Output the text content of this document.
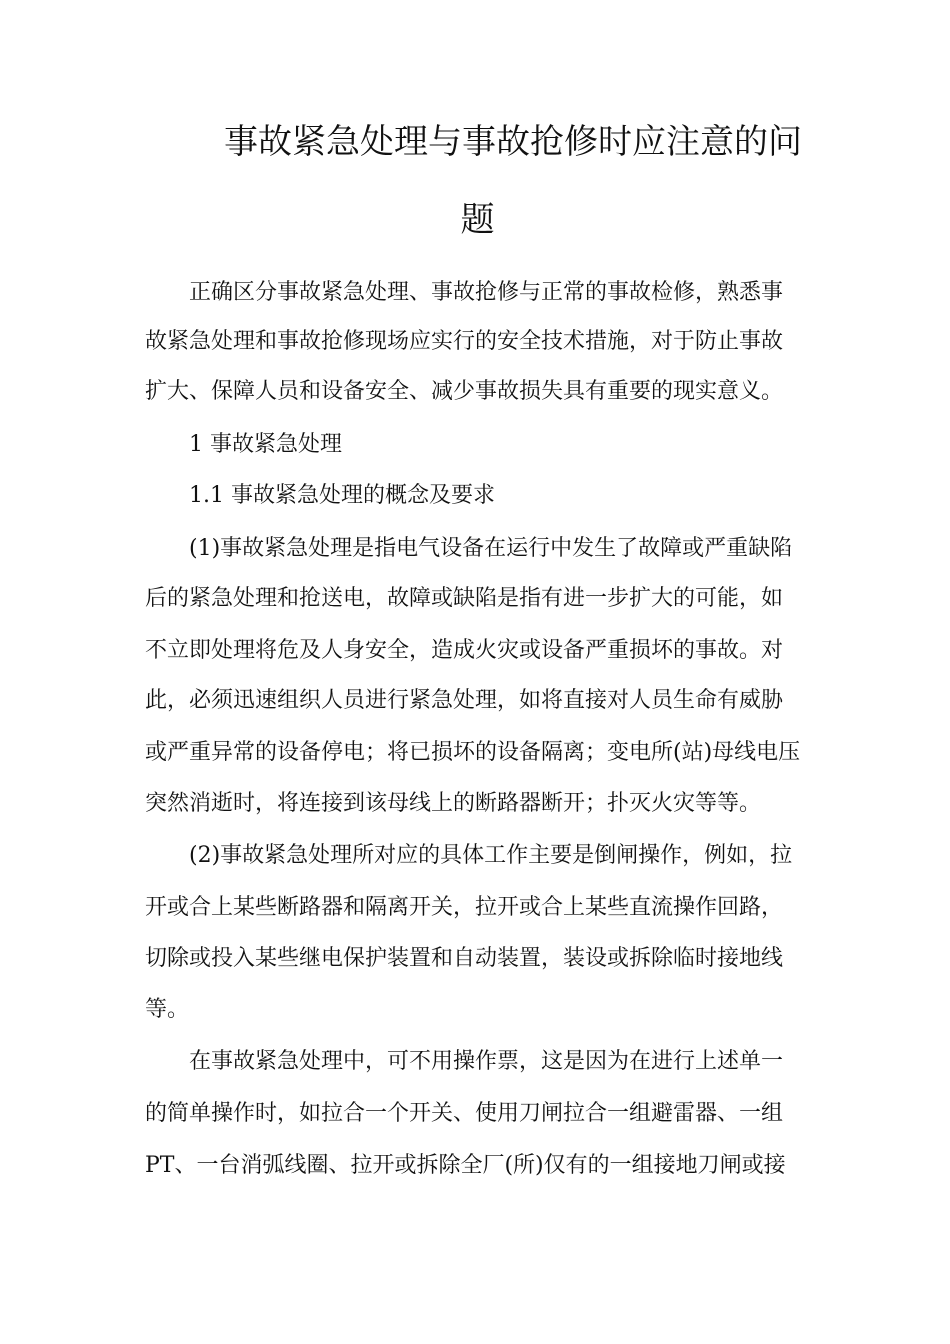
事故紧急处理与事故抢修时应注意的问
题

正确区分事故紧急处理、事故抢修与正常的事故检修，熟悉事

故紧急处理和事故抢修现场应实行的安全技术措施，对于防止事故

扩大、保障人员和设备安全、减少事故损失具有重要的现实意义。

1 事故紧急处理

1.1 事故紧急处理的概念及要求

(1)事故紧急处理是指电气设备在运行中发生了故障或严重缺陷

后的紧急处理和抢送电，故障或缺陷是指有进一步扩大的可能，如

不立即处理将危及人身安全，造成火灾或设备严重损坏的事故。对

此，必须迅速组织人员进行紧急处理，如将直接对人员生命有威胁

或严重异常的设备停电；将已损坏的设备隔离；变电所(站)母线电压

突然消逝时，将连接到该母线上的断路器断开；扑灭火灾等等。

(2)事故紧急处理所对应的具体工作主要是倒闸操作，例如，拉

开或合上某些断路器和隔离开关，拉开或合上某些直流操作回路，

切除或投入某些继电保护装置和自动装置，装设或拆除临时接地线

等。

在事故紧急处理中，可不用操作票，这是因为在进行上述单一

的简单操作时，如拉合一个开关、使用刀闸拉合一组避雷器、一组

PT、一台消弧线圈、拉开或拆除全厂(所)仅有的一组接地刀闸或接
